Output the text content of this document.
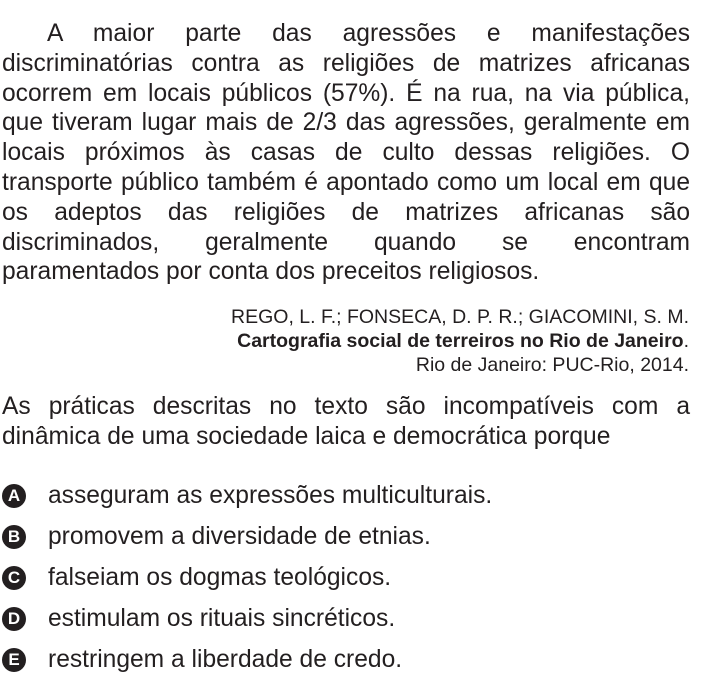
A maior parte das agressões e manifestações discriminatórias contra as religiões de matrizes africanas ocorrem em locais públicos (57%). É na rua, na via pública, que tiveram lugar mais de 2/3 das agressões, geralmente em locais próximos às casas de culto dessas religiões. O transporte público também é apontado como um local em que os adeptos das religiões de matrizes africanas são discriminados, geralmente quando se encontram paramentados por conta dos preceitos religiosos.

REGO, L. F.; FONSECA, D. P. R.; GIACOMINI, S. M.
Cartografia social de terreiros no Rio de Janeiro.
Rio de Janeiro: PUC-Rio, 2014.

As práticas descritas no texto são incompatíveis com a dinâmica de uma sociedade laica e democrática porque

A asseguram as expressões multiculturais.
B promovem a diversidade de etnias.
C falseiam os dogmas teológicos.
D estimulam os rituais sincréticos.
E restringem a liberdade de credo.
